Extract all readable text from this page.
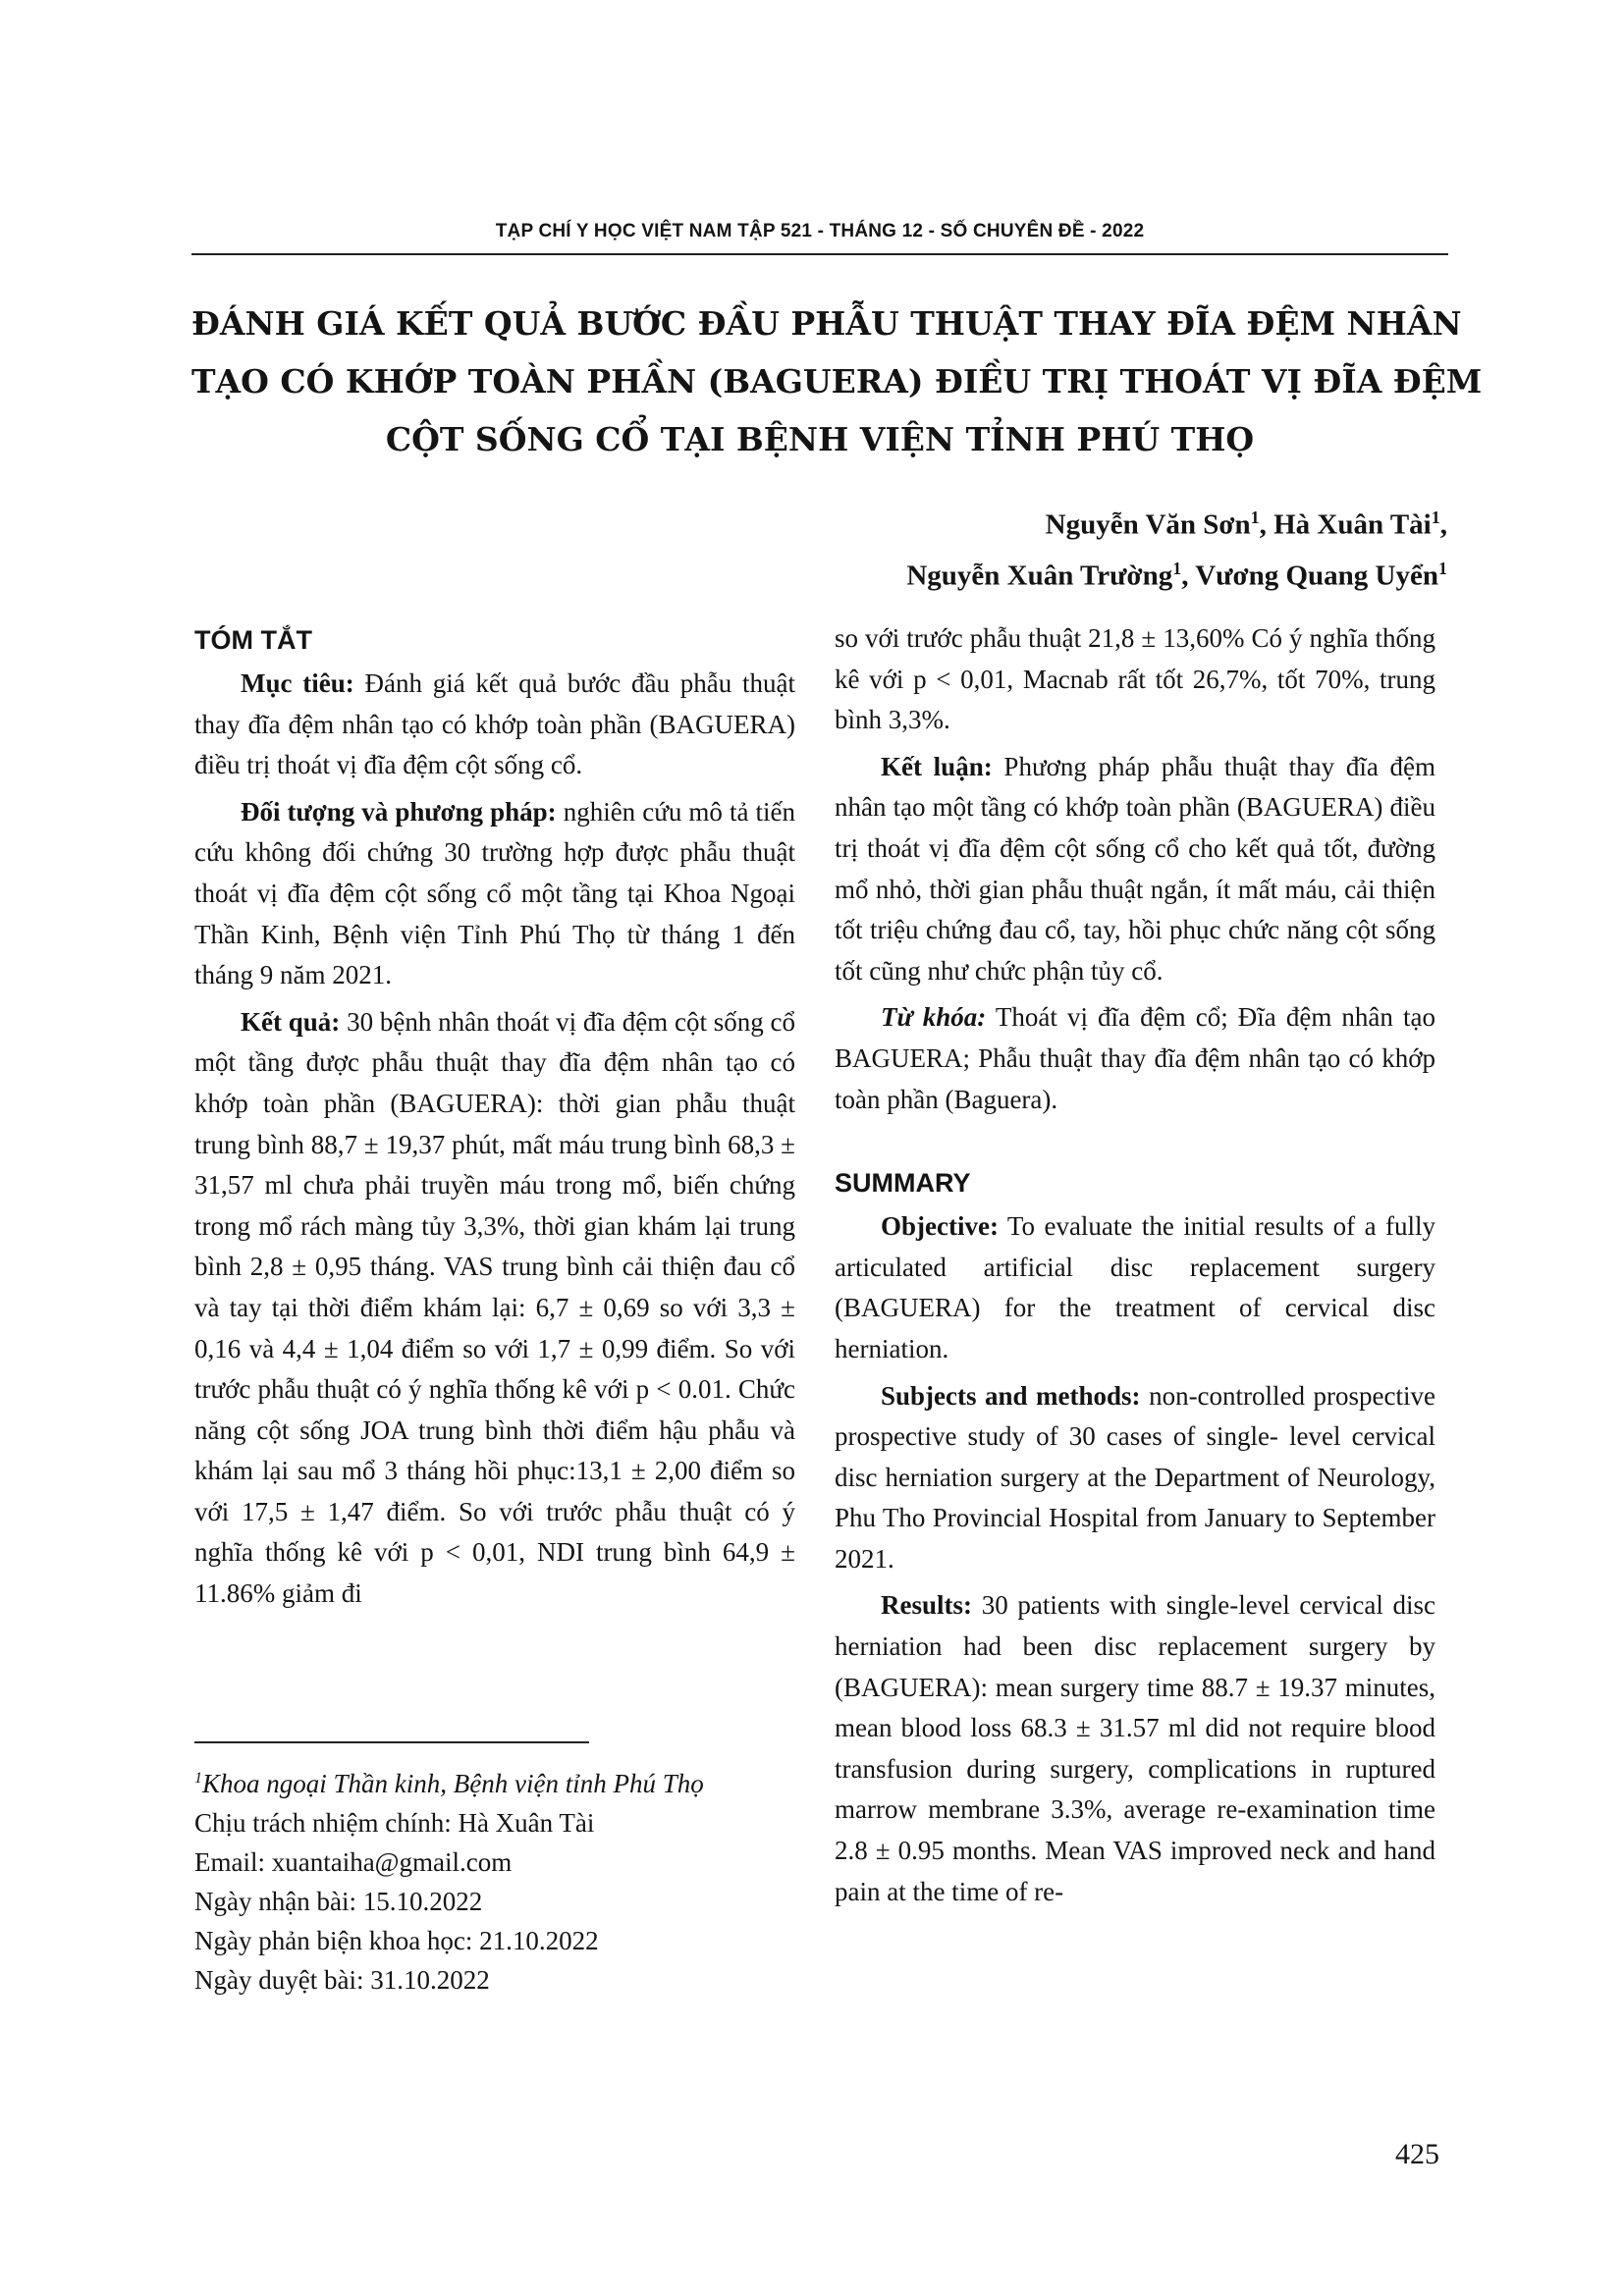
TẠP CHÍ Y HỌC VIỆT NAM TẬP 521 - THÁNG 12 - SỐ CHUYÊN ĐỀ - 2022
ĐÁNH GIÁ KẾT QUẢ BƯỚC ĐẦU PHẪU THUẬT THAY ĐĨA ĐỆM NHÂN
TẠO CÓ KHỚP TOÀN PHẦN (BAGUERA) ĐIỀU TRỊ THOÁT VỊ ĐĨA ĐỆM
CỘT SỐNG CỔ TẠI BỆNH VIỆN TỈNH PHÚ THỌ
Nguyễn Văn Sơn$^1$, Hà Xuân Tài$^1$,
Nguyễn Xuân Trường$^1$, Vương Quang Uyển$^1$
TÓM TẮT

Mục tiêu: Đánh giá kết quả bước đầu phẫu thuật thay đĩa đệm nhân tạo có khớp toàn phần (BAGUERA) điều trị thoát vị đĩa đệm cột sống cổ.

Đối tượng và phương pháp: nghiên cứu mô tả tiến cứu không đối chứng 30 trường hợp được phẫu thuật thoát vị đĩa đệm cột sống cổ một tầng tại Khoa Ngoại Thần Kinh, Bệnh viện Tỉnh Phú Thọ từ tháng 1 đến tháng 9 năm 2021.

Kết quả: 30 bệnh nhân thoát vị đĩa đệm cột sống cổ một tầng được phẫu thuật thay đĩa đệm nhân tạo có khớp toàn phần (BAGUERA): thời gian phẫu thuật trung bình 88,7 ± 19,37 phút, mất máu trung bình 68,3 ± 31,57 ml chưa phải truyền máu trong mổ, biến chứng trong mổ rách màng tủy 3,3%, thời gian khám lại trung bình 2,8 ± 0,95 tháng. VAS trung bình cải thiện đau cổ và tay tại thời điểm khám lại: 6,7 ± 0,69 so với 3,3 ± 0,16 và 4,4 ± 1,04 điểm so với 1,7 ± 0,99 điểm. So với trước phẫu thuật có ý nghĩa thống kê với p < 0.01. Chức năng cột sống JOA trung bình thời điểm hậu phẫu và khám lại sau mổ 3 tháng hồi phục:13,1 ± 2,00 điểm so với 17,5 ± 1,47 điểm. So với trước phẫu thuật có ý nghĩa thống kê với p < 0,01, NDI trung bình 64,9 ± 11.86% giảm đi

$^1$Khoa ngoại Thần kinh, Bệnh viện tỉnh Phú Thọ
Chịu trách nhiệm chính: Hà Xuân Tài
Email: xuantaiha@gmail.com
Ngày nhận bài: 15.10.2022
Ngày phản biện khoa học: 21.10.2022
Ngày duyệt bài: 31.10.2022

so với trước phẫu thuật 21,8 ± 13,60% Có ý nghĩa thống kê với p < 0,01, Macnab rất tốt 26,7%, tốt 70%, trung bình 3,3%.

Kết luận: Phương pháp phẫu thuật thay đĩa đệm nhân tạo một tầng có khớp toàn phần (BAGUERA) điều trị thoát vị đĩa đệm cột sống cổ cho kết quả tốt, đường mổ nhỏ, thời gian phẫu thuật ngắn, ít mất máu, cải thiện tốt triệu chứng đau cổ, tay, hồi phục chức năng cột sống tốt cũng như chức phận tủy cổ.

Từ khóa: Thoát vị đĩa đệm cổ; Đĩa đệm nhân tạo BAGUERA; Phẫu thuật thay đĩa đệm nhân tạo có khớp toàn phần (Baguera).

SUMMARY

Objective: To evaluate the initial results of a fully articulated artificial disc replacement surgery (BAGUERA) for the treatment of cervical disc herniation.

Subjects and methods: non-controlled prospective prospective study of 30 cases of single- level cervical disc herniation surgery at the Department of Neurology, Phu Tho Provincial Hospital from January to September 2021.

Results: 30 patients with single-level cervical disc herniation had been disc replacement surgery by (BAGUERA): mean surgery time 88.7 ± 19.37 minutes, mean blood loss 68.3 ± 31.57 ml did not require blood transfusion during surgery, complications in ruptured marrow membrane 3.3%, average re-examination time 2.8 ± 0.95 months. Mean VAS improved neck and hand pain at the time of re-

425
